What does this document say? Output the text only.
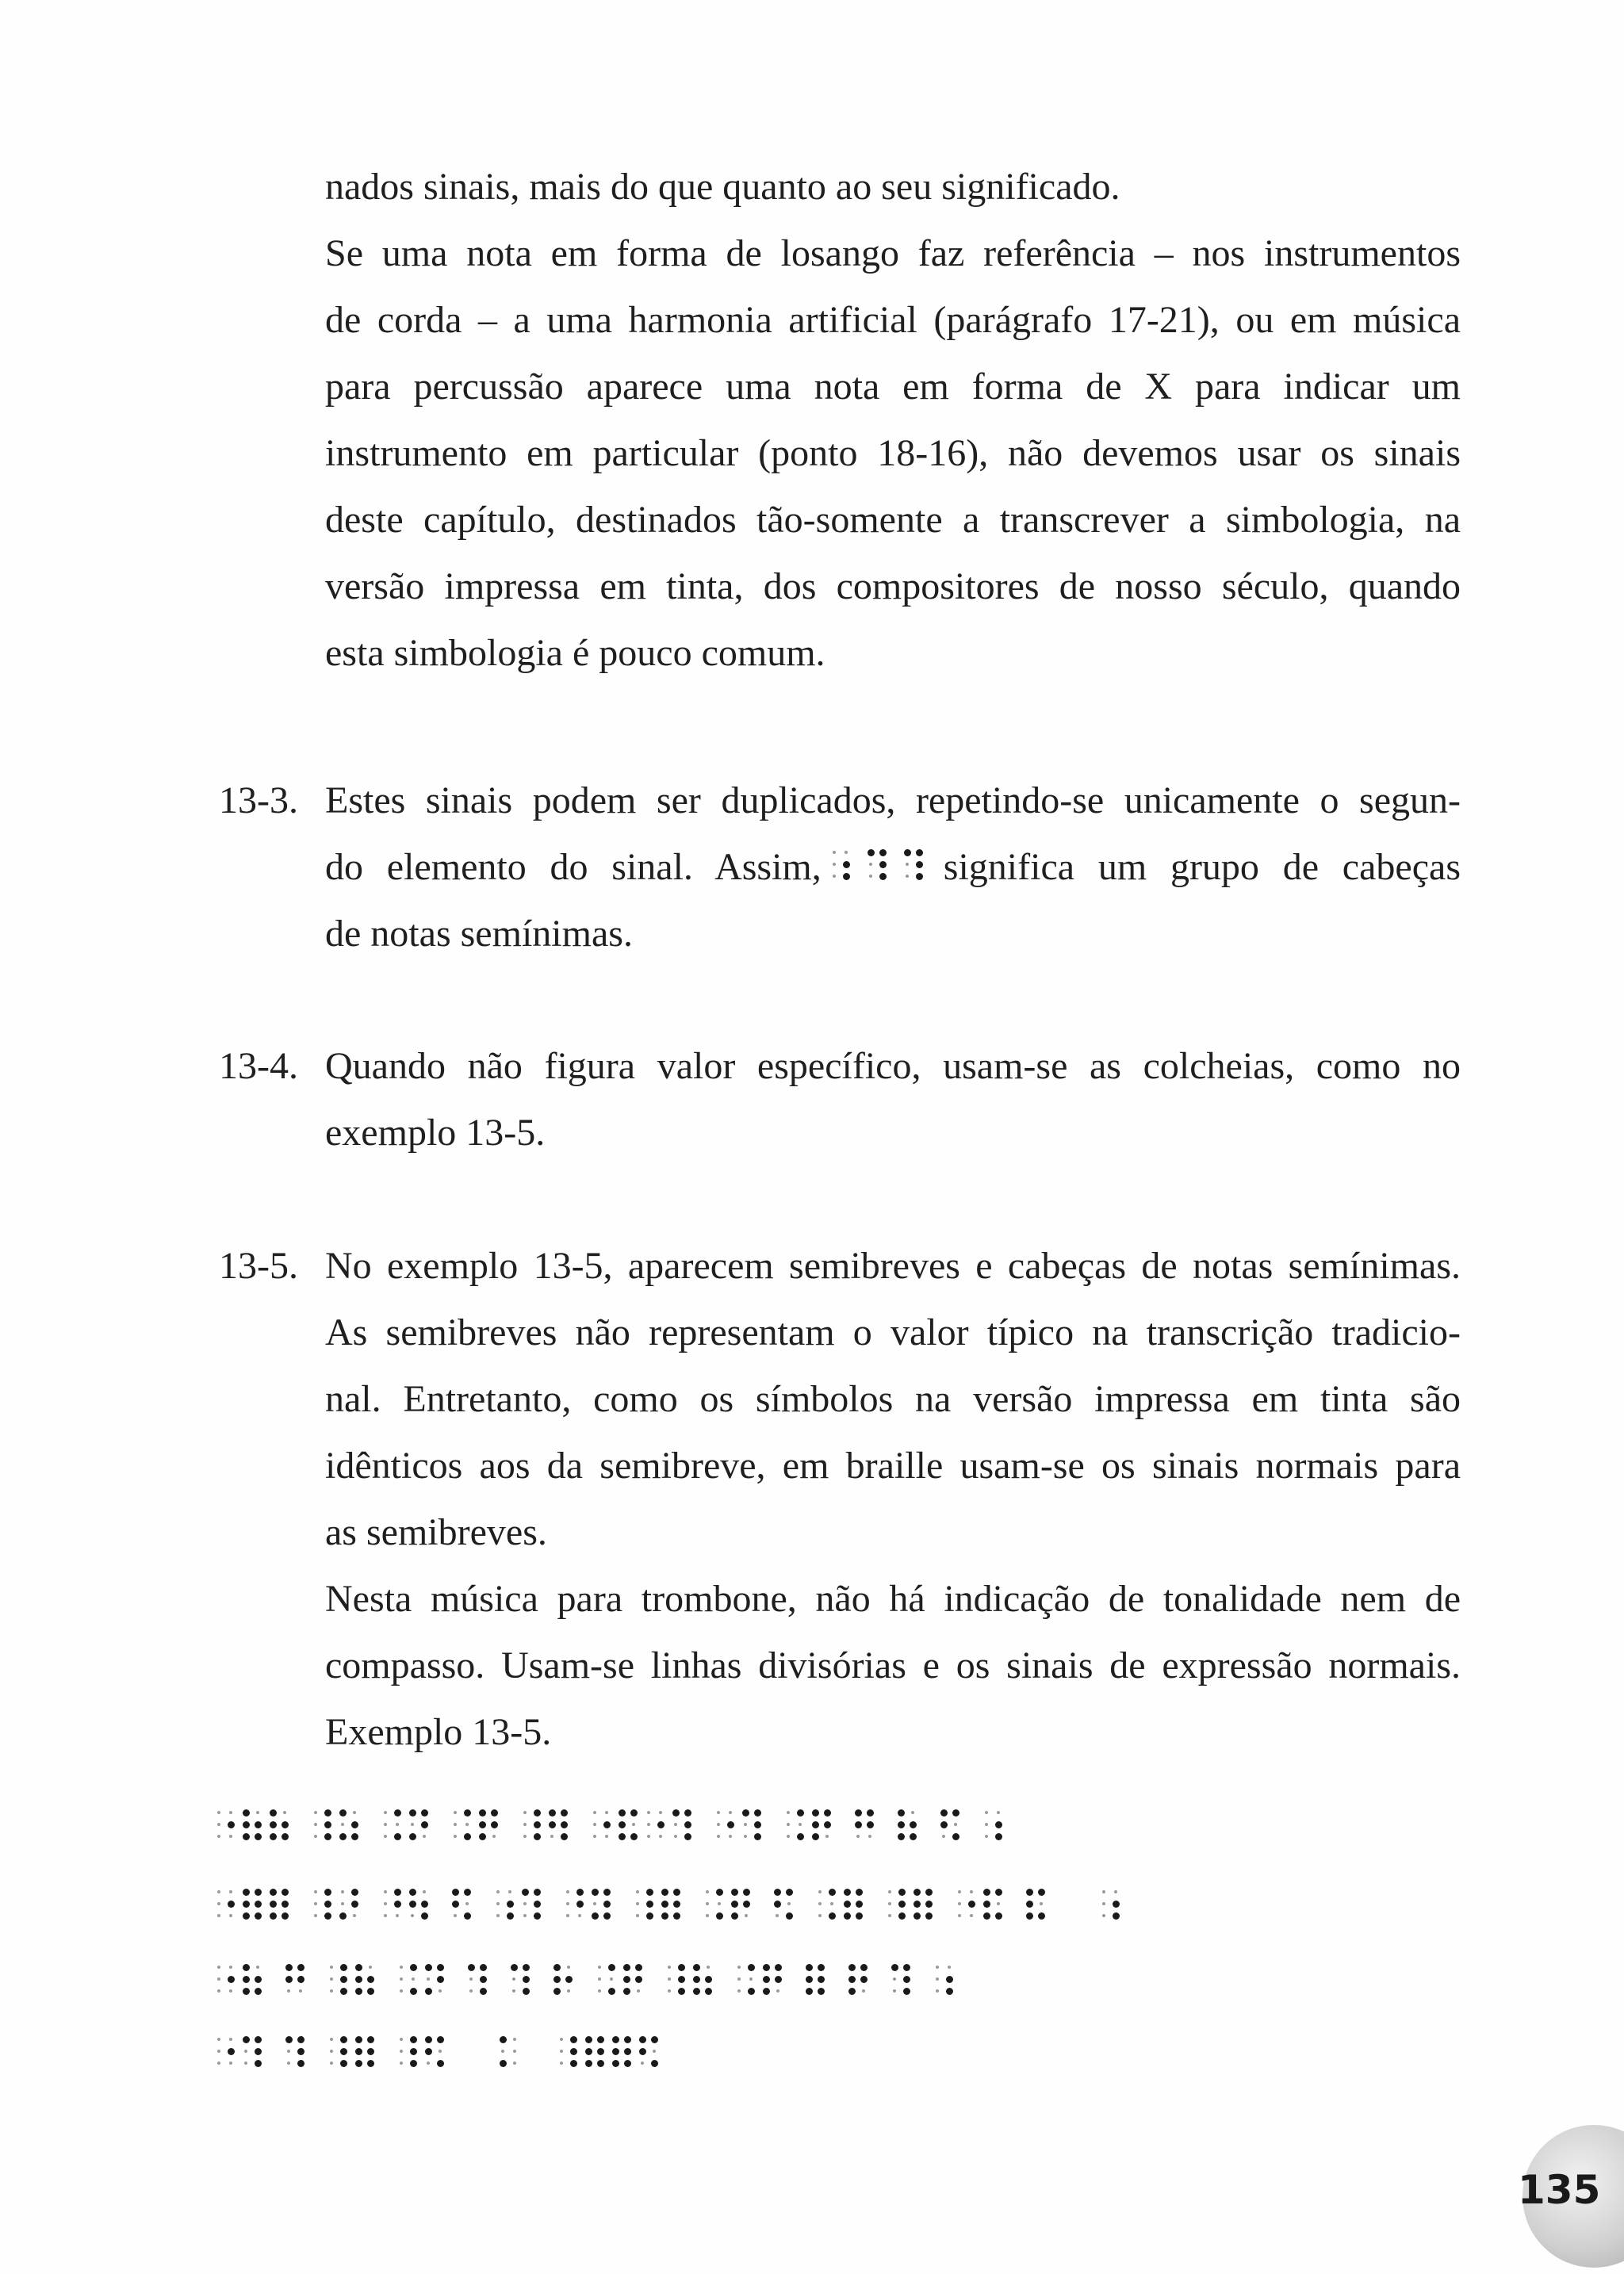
nados sinais, mais do que quanto ao seu significado.

Se uma nota em forma de losango faz referência – nos instrumentos

de corda – a uma harmonia artificial (parágrafo 17-21), ou em música

para percussão aparece uma nota em forma de X para indicar um

instrumento em particular (ponto 18-16), não devemos usar os sinais

deste capítulo, destinados tão-somente a transcrever a simbologia, na

versão impressa em tinta, dos compositores de nosso século, quando

esta simbologia é pouco comum.

13-3. Estes sinais podem ser duplicados, repetindo-se unicamente o segun-

do elemento do sinal. Assim,	significa um grupo de cabeças

de notas semínimas.

13-4. Quando não figura valor específico, usam-se as colcheias, como no

exemplo 13-5.

13-5. No exemplo 13-5, aparecem semibreves e cabeças de notas semínimas.

As semibreves não representam o valor típico na transcrição tradicio-

nal. Entretanto, como os símbolos na versão impressa em tinta são

idênticos aos da semibreve, em braille usam-se os sinais normais para

as semibreves.

Nesta música para trombone, não há indicação de tonalidade nem de

compasso. Usam-se linhas divisórias e os sinais de expressão normais.

Exemplo 13-5.

135
